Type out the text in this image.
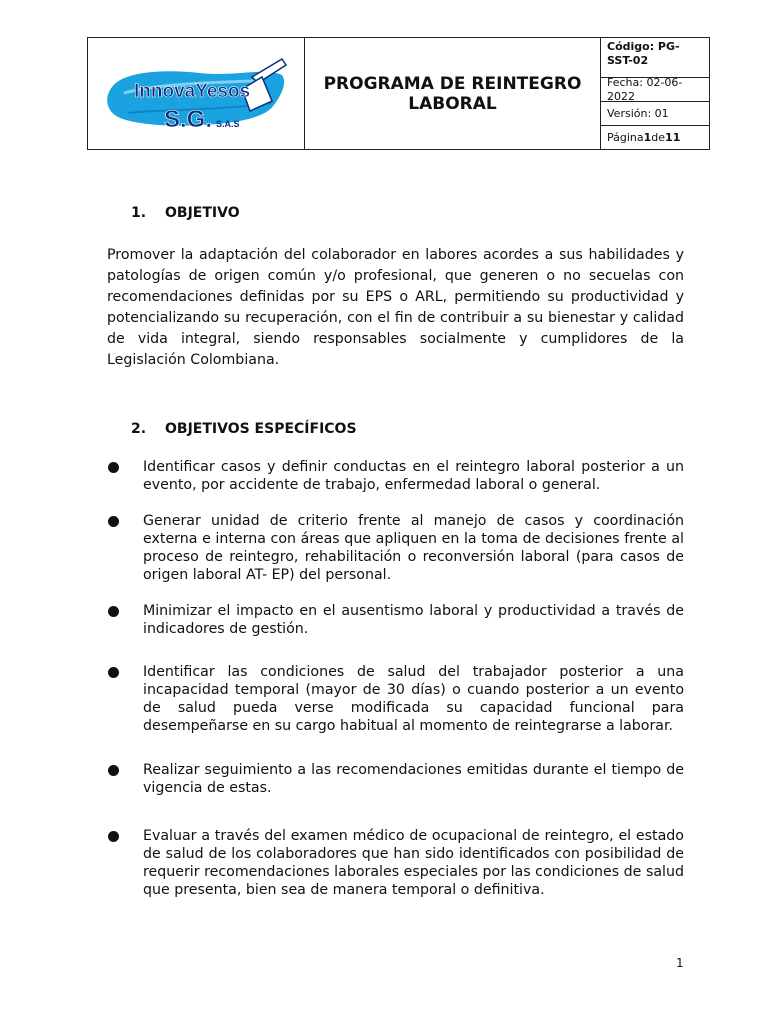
InnovaYesos
S.G. S.A.S
PROGRAMA DE REINTEGRO LABORAL
Código: PG-SST-02
Fecha: 02-06-2022
Versión: 01
Página 1 de 11
1. OBJETIVO
Promover la adaptación del colaborador en labores acordes a sus habilidades y patologías de origen común y/o profesional, que generen o no secuelas con recomendaciones definidas por su EPS o ARL, permitiendo su productividad y potencializando su recuperación, con el fin de contribuir a su bienestar y calidad de vida integral, siendo responsables socialmente y cumplidores de la Legislación Colombiana.
2. OBJETIVOS ESPECÍFICOS
Identificar casos y definir conductas en el reintegro laboral posterior a un evento, por accidente de trabajo, enfermedad laboral o general.
Generar unidad de criterio frente al manejo de casos y coordinación externa e interna con áreas que apliquen en la toma de decisiones frente al proceso de reintegro, rehabilitación o reconversión laboral (para casos de origen laboral AT- EP) del personal.
Minimizar el impacto en el ausentismo laboral y productividad a través de indicadores de gestión.
Identificar las condiciones de salud del trabajador posterior a una incapacidad temporal (mayor de 30 días) o cuando posterior a un evento de salud pueda verse modificada su capacidad funcional para desempeñarse en su cargo habitual al momento de reintegrarse a laborar.
Realizar seguimiento a las recomendaciones emitidas durante el tiempo de vigencia de estas.
Evaluar a través del examen médico de ocupacional de reintegro, el estado de salud de los colaboradores que han sido identificados con posibilidad de requerir recomendaciones laborales especiales por las condiciones de salud que presenta, bien sea de manera temporal o definitiva.
1
